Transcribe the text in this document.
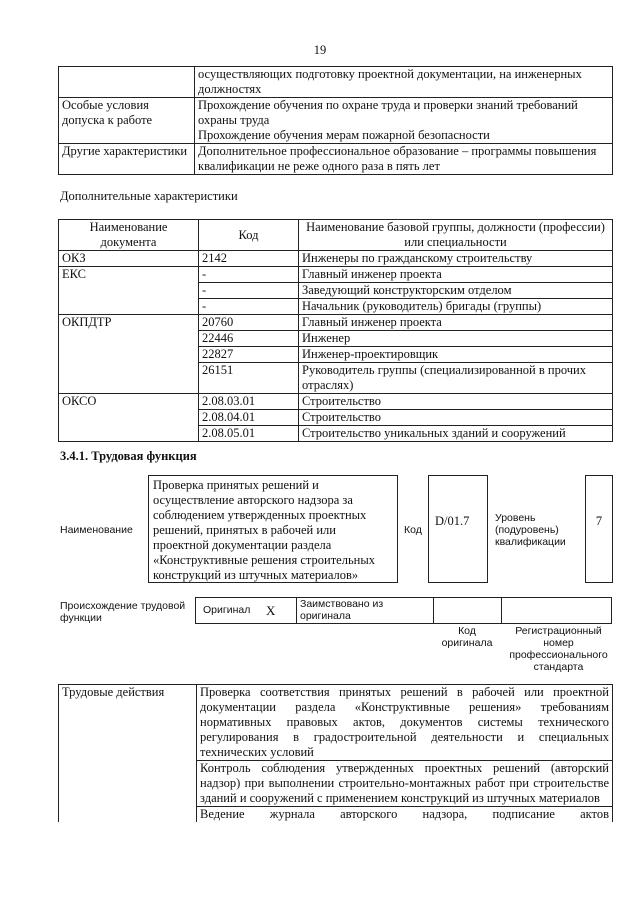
19

	осуществляющих подготовку проектной документации, на инженерных
должностях

Особые условия допуска к работе	Прохождение обучения по охране труда и проверки знаний требований охраны труда
Прохождение обучения мерам пожарной безопасности

Другие характеристики	Дополнительное профессиональное образование – программы повышения квалификации не реже одного раза в пять лет
Дополнительные характеристики
Наименование документа	Код	Наименование базовой группы, должности (профессии) или специальности
ОКЗ	2142	Инженеры по гражданскому строительству
ЕКС	-	Главный инженер проекта
	-	Заведующий конструкторским отделом
	-	Начальник (руководитель) бригады (группы)
ОКПДТР	20760	Главный инженер проекта
	22446	Инженер
	22827	Инженер-проектировщик
	26151	Руководитель группы (специализированной в прочих отраслях)
ОКСО	2.08.03.01	Строительство
	2.08.04.01	Строительство
	2.08.05.01	Строительство уникальных зданий и сооружений
3.4.1. Трудовая функция
Наименование
Проверка принятых решений и осуществление авторского надзора за соблюдением утвержденных проектных решений, принятых в рабочей или проектной документации раздела «Конструктивные решения строительных конструкций из штучных материалов»
Код
D/01.7	Уровень (подуровень) квалификации
7
Происхождение трудовой функции
Оригинал Х Заимствовано из оригинала
Код оригинала
Регистрационный номер профессионального стандарта
Трудовые действия	Проверка соответствия принятых решений в рабочей или проектной документации раздела «Конструктивные решения» требованиям нормативных правовых актов, документов системы технического регулирования в градостроительной деятельности и специальных технических условий
Контроль соблюдения утвержденных проектных решений (авторский надзор) при выполнении строительно-монтажных работ при строительстве зданий и сооружений с применением конструкций из штучных материалов
Ведение журнала авторского надзора, подписание актов
